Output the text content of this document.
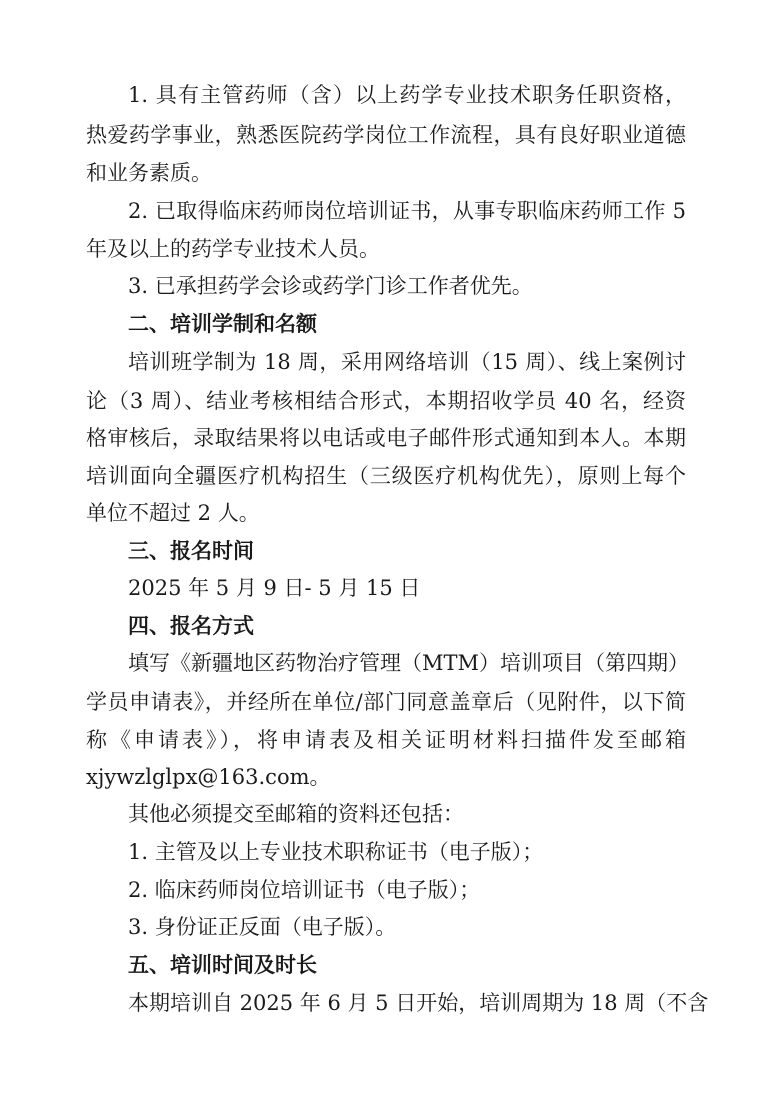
1. 具有主管药师（含）以上药学专业技术职务任职资格，
热爱药学事业，熟悉医院药学岗位工作流程，具有良好职业道德
和业务素质。
2. 已取得临床药师岗位培训证书，从事专职临床药师工作 5
年及以上的药学专业技术人员。
3. 已承担药学会诊或药学门诊工作者优先。
二、培训学制和名额
培训班学制为 18 周，采用网络培训（15 周）、线上案例讨
论（3 周）、结业考核相结合形式，本期招收学员 40 名，经资
格审核后，录取结果将以电话或电子邮件形式通知到本人。本期
培训面向全疆医疗机构招生（三级医疗机构优先），原则上每个
单位不超过 2 人。
三、报名时间
2025 年 5 月 9 日- 5 月 15 日
四、报名方式
填写《新疆地区药物治疗管理（MTM）培训项目（第四期）
学员申请表》，并经所在单位/部门同意盖章后（见附件，以下简
称《申请表》），将申请表及相关证明材料扫描件发至邮箱
xjywzlglpx@163.com。
其他必须提交至邮箱的资料还包括：
1. 主管及以上专业技术职称证书（电子版）；
2. 临床药师岗位培训证书（电子版）；
3. 身份证正反面（电子版）。
五、培训时间及时长
本期培训自 2025 年 6 月 5 日开始，培训周期为 18 周（不含
